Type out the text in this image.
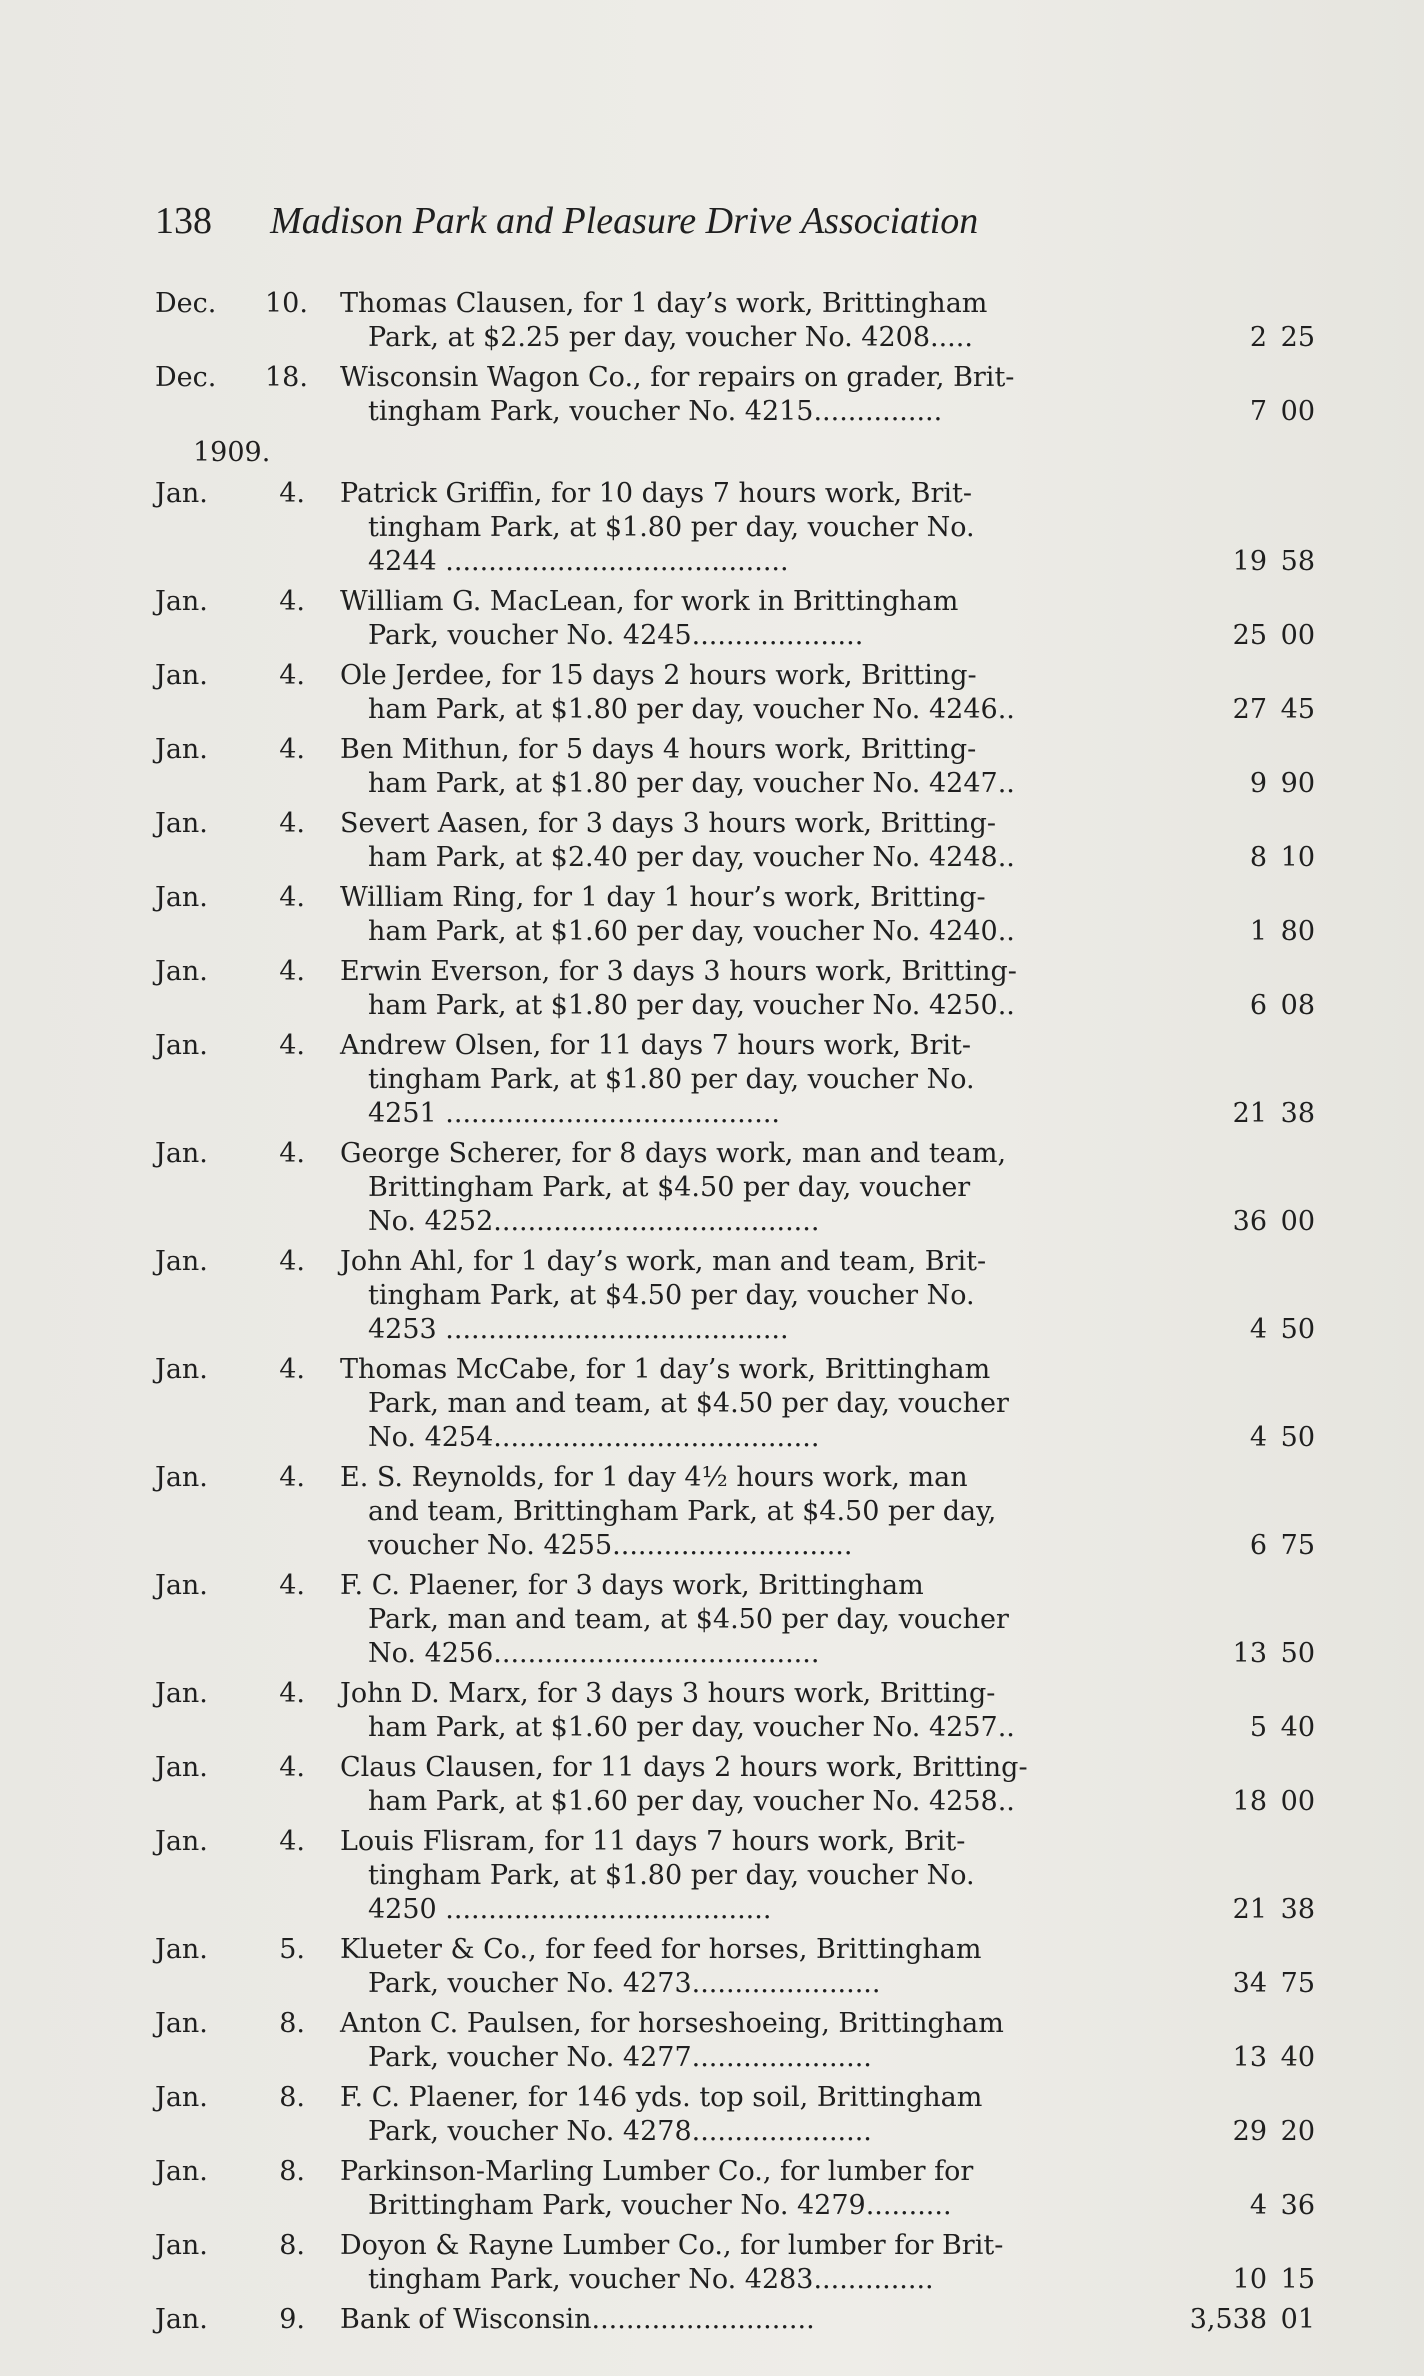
138 Madison Park and Pleasure Drive Association
Dec. 10. Thomas Clausen, for 1 day’s work, Brittingham
Park, at $2.25 per day, voucher No. 4208.....	2 25
Dec. 18. Wisconsin Wagon Co., for repairs on grader, Brit-
tingham Park, voucher No. 4215...............	7 00
1909.
Jan.	4.	Patrick Griffin, for 10 days 7 hours work, Brit-
tingham Park, at $1.80 per day, voucher No.
4244 ........................................	19 58
Jan.	4.	William G. MacLean, for work in Brittingham
Park, voucher No. 4245....................	25 00
Jan.	4.	Ole Jerdee, for 15 days 2 hours work, Britting-
ham Park, at $1.80 per day, voucher No. 4246..	27 45
Jan.	4.	Ben Mithun, for 5 days 4 hours work, Britting-
ham Park, at $1.80 per day, voucher No. 4247..	9 90
Jan.	4.	Severt Aasen, for 3 days 3 hours work, Britting-
ham Park, at $2.40 per day, voucher No. 4248..	8 10
Jan.	4.	William Ring, for 1 day 1 hour’s work, Britting-
ham Park, at $1.60 per day, voucher No. 4240..	1 80
Jan.	4.	Erwin Everson, for 3 days 3 hours work, Britting-
ham Park, at $1.80 per day, voucher No. 4250..	6 08
Jan.	4.	Andrew Olsen, for 11 days 7 hours work, Brit-
tingham Park, at $1.80 per day, voucher No.
4251 .......................................	21 38
Jan.	4.	George Scherer, for 8 days work, man and team,
Brittingham Park, at $4.50 per day, voucher
No. 4252......................................	36 00
Jan.	4.	John Ahl, for 1 day’s work, man and team, Brit-
tingham Park, at $4.50 per day, voucher No.
4253 ........................................	4 50
Jan.	4.	Thomas McCabe, for 1 day’s work, Brittingham
Park, man and team, at $4.50 per day, voucher
No. 4254......................................	4 50
Jan.	4.	E. S. Reynolds, for 1 day 4½ hours work, man
and team, Brittingham Park, at $4.50 per day,
voucher No. 4255............................	6 75
Jan.	4.	F. C. Plaener, for 3 days work, Brittingham
Park, man and team, at $4.50 per day, voucher
No. 4256......................................	13 50
Jan.	4.	John D. Marx, for 3 days 3 hours work, Britting-
ham Park, at $1.60 per day, voucher No. 4257..	5 40
Jan.	4.	Claus Clausen, for 11 days 2 hours work, Britting-
ham Park, at $1.60 per day, voucher No. 4258..	18 00
Jan.	4.	Louis Flisram, for 11 days 7 hours work, Brit-
tingham Park, at $1.80 per day, voucher No.
4250 ......................................	21 38
Jan.	5.	Klueter & Co., for feed for horses, Brittingham
Park, voucher No. 4273......................	34 75
Jan.	8.	Anton C. Paulsen, for horseshoeing, Brittingham
Park, voucher No. 4277.....................	13 40
Jan.	8.	F. C. Plaener, for 146 yds. top soil, Brittingham
Park, voucher No. 4278.....................	29 20
Jan.	8.	Parkinson-Marling Lumber Co., for lumber for
Brittingham Park, voucher No. 4279..........	4 36
Jan.	8.	Doyon & Rayne Lumber Co., for lumber for Brit-
tingham Park, voucher No. 4283..............	10 15
Jan.	9.	Bank of Wisconsin..........................	3,538 01
